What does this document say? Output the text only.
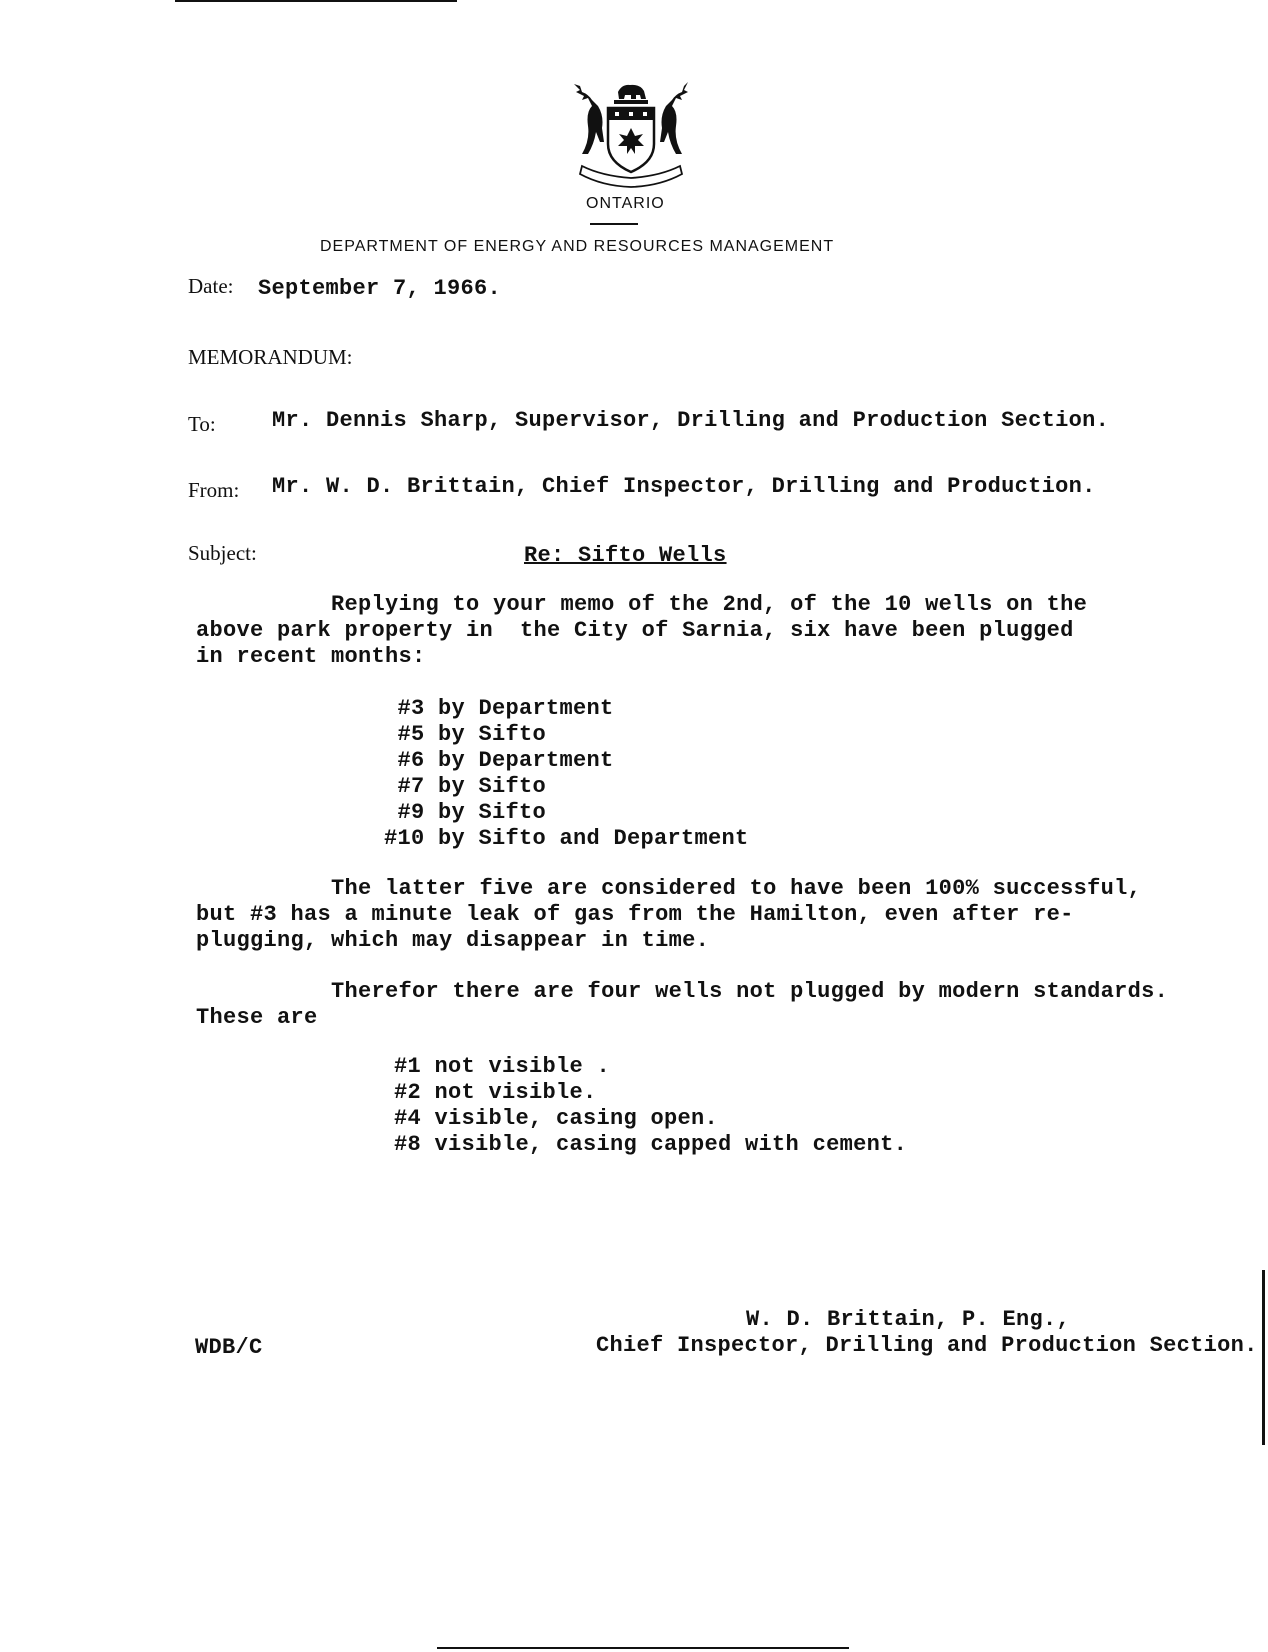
ONTARIO
DEPARTMENT OF ENERGY AND RESOURCES MANAGEMENT
Date: September 7, 1966.
MEMORANDUM:
To:	Mr. Dennis Sharp, Supervisor, Drilling and Production Section.
From: Mr. W. D. Brittain, Chief Inspector, Drilling and Production.
Subject:	Re: Sifto Wells
Replying to your memo of the 2nd, of the 10 wells on the
above park property in  the City of Sarnia, six have been plugged
in recent months:
#3 by Department
#5 by Sifto
#6 by Department
#7 by Sifto
#9 by Sifto
#10 by Sifto and Department
The latter five are considered to have been 100% successful,
but #3 has a minute leak of gas from the Hamilton, even after re-
plugging, which may disappear in time.
Therefor there are four wells not plugged by modern standards.
These are
#1 not visible .
#2 not visible.
#4 visible, casing open.
#8 visible, casing capped with cement.
W. D. Brittain, P. Eng.,
Chief Inspector, Drilling and Production Section.
WDB/C
